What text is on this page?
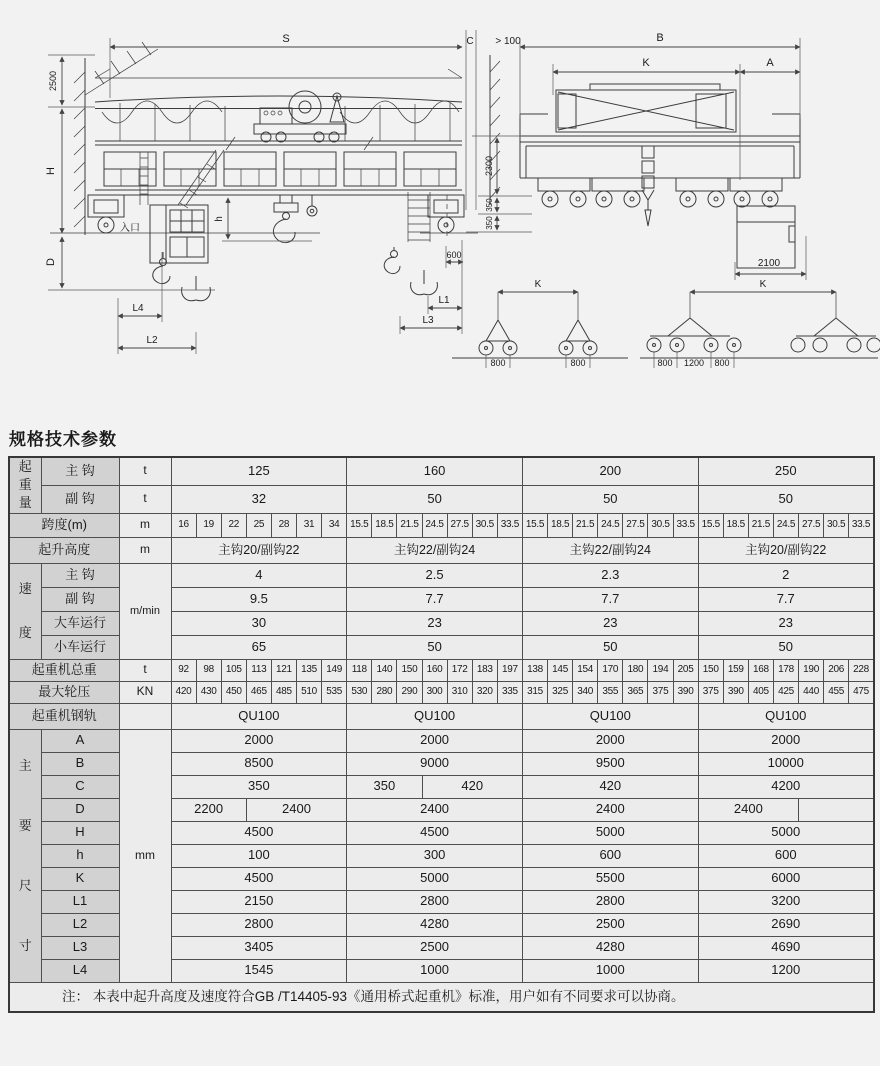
S	C > 100
2500
H
D
h
入口
600
L4
L2
L1
L3
B
K	A
2300
350
350
2100
K
800	800
K
800 1200 800
规格技术参数
起重量	主 钩	t	125							160							200							250						
	副 钩	t	32							50							50							50						
跨度(m)		m	16	19	22	25	28	31	34	15.5	18.5	21.5	24.5	27.5	30.5	33.5	15.5	18.5	21.5	24.5	27.5	30.5	33.5	15.5	18.5	21.5	24.5	27.5	30.5	33.5
起升高度		m	主钩20/副钩22							主钩22/副钩24							主钩22/副钩24							主钩20/副钩22						
速度	主 钩	m/min	4							2.5							2.3							2						
	副 钩		9.5							7.7							7.7							7.7						
	大车运行		30							23							23							23						
	小车运行		65							50							50							50						
起重机总重		t	92	98	105	113	121	135	149	118	140	150	160	172	183	197	138	145	154	170	180	194	205	150	159	168	178	190	206	228
最大轮压		KN	420	430	450	465	485	510	535	530	280	290	300	310	320	335	315	325	340	355	365	375	390	375	390	405	425	440	455	475
起重机钢轨			QU100							QU100							QU100							QU100						
主要尺寸	A	mm	2000							2000							2000							2000						
	B		8500							9000							9500							10000						
	C		350							350			420				420							4200						
	D		2200			2400				2400							2400							2400						
	H		4500							4500							5000							5000						
	h		100							300							600							600						
	K		4500							5000							5500							6000						
	L1		2150							2800							2800							3200						
	L2		2800							4280							2500							2690						
	L3		3405							2500							4280							4690						
	L4		1545							1000							1000							1200						
注： 本表中起升高度及速度符合GB /T14405-93《通用桥式起重机》标准，用户如有不同要求可以协商。																														
